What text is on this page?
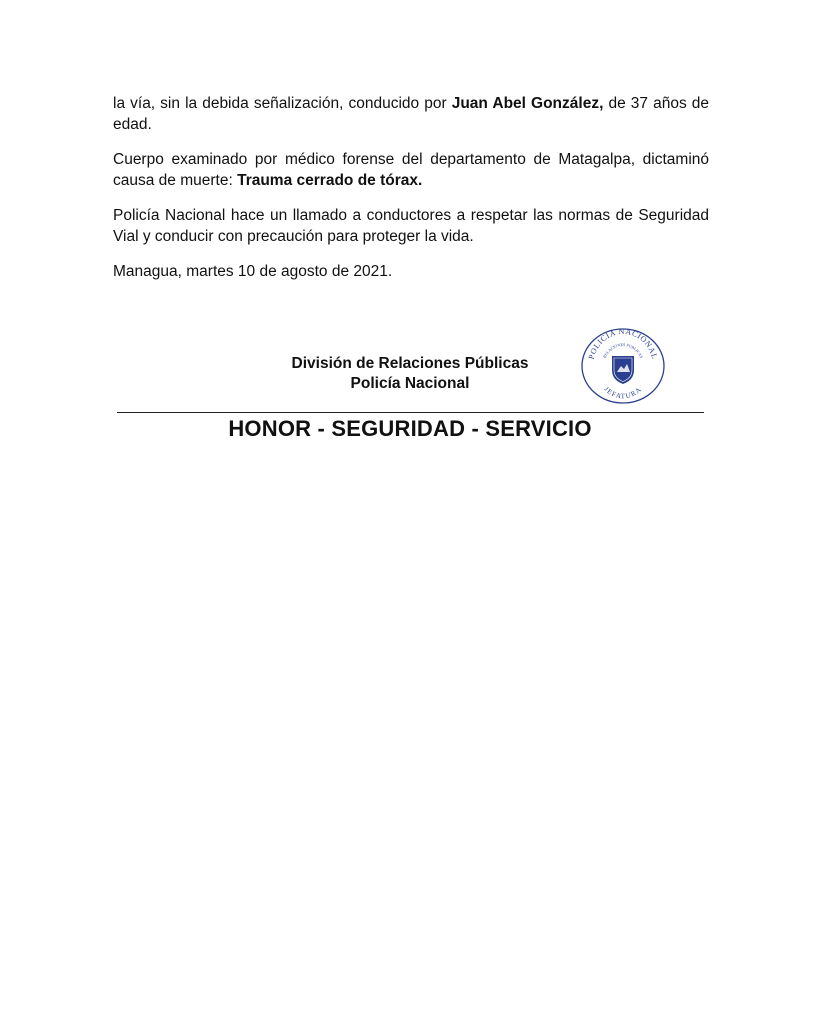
la vía, sin la debida señalización, conducido por Juan Abel González, de 37 años de edad.

Cuerpo examinado por médico forense del departamento de Matagalpa, dictaminó causa de muerte: Trauma cerrado de tórax.

Policía Nacional hace un llamado a conductores a respetar las normas de Seguridad Vial y conducir con precaución para proteger la vida.

Managua, martes 10 de agosto de 2021.

División de Relaciones Públicas
Policía Nacional
POLICIA NACIONAL
RELACIONES PUBLICAS
JEFATURA
HONOR - SEGURIDAD - SERVICIO
